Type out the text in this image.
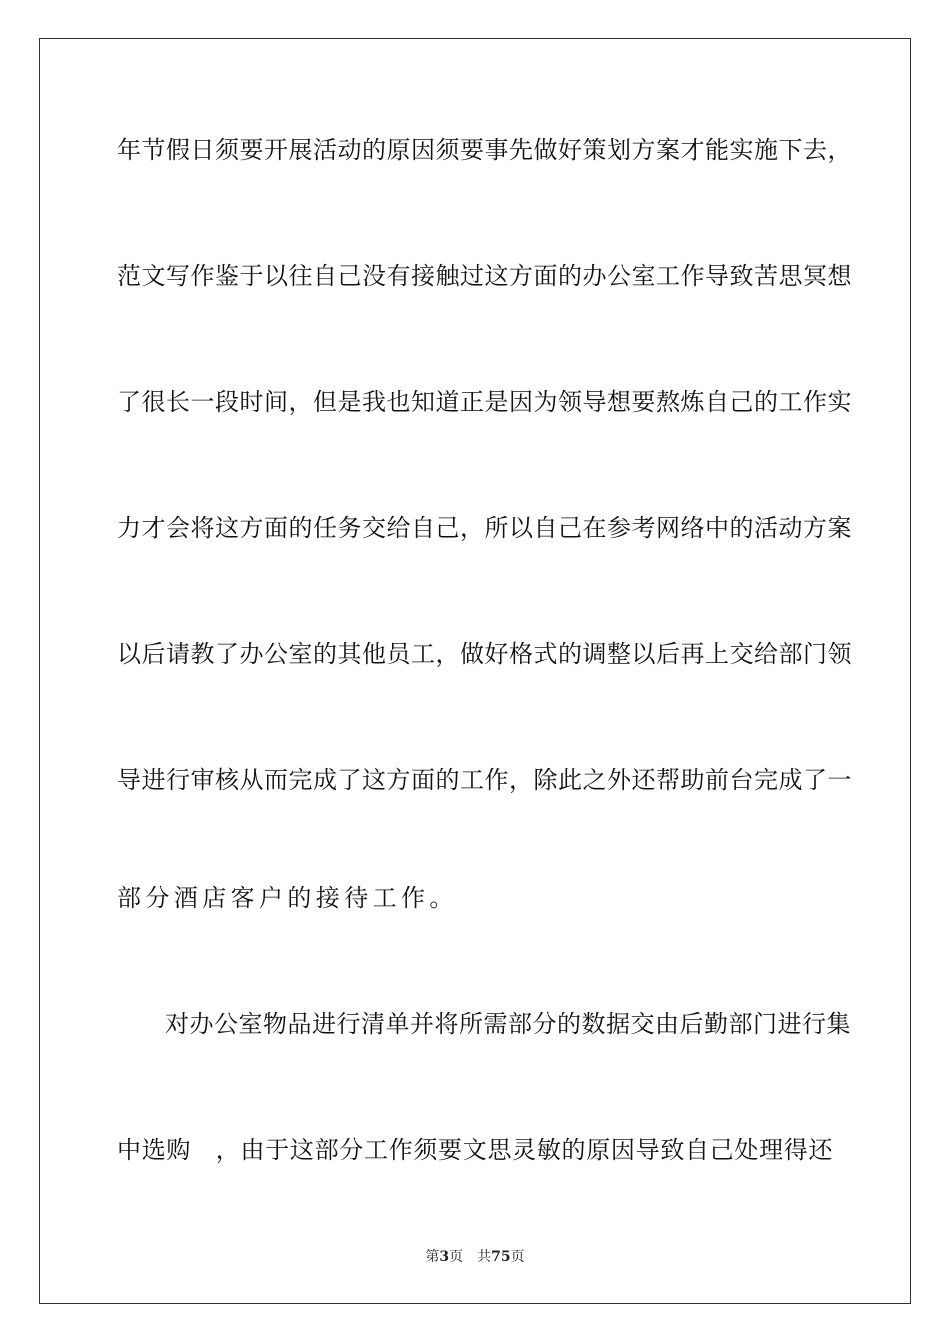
年节假日须要开展活动的原因须要事先做好策划方案才能实施下去，
范文写作鉴于以往自己没有接触过这方面的办公室工作导致苦思冥想
了很长一段时间，但是我也知道正是因为领导想要熬炼自己的工作实
力才会将这方面的任务交给自己，所以自己在参考网络中的活动方案
以后请教了办公室的其他员工，做好格式的调整以后再上交给部门领
导进行审核从而完成了这方面的工作，除此之外还帮助前台完成了一
部分酒店客户的接待工作。
对办公室物品进行清单并将所需部分的数据交由后勤部门进行集
中选购　，由于这部分工作须要文思灵敏的原因导致自己处理得还
第3页 共75页
